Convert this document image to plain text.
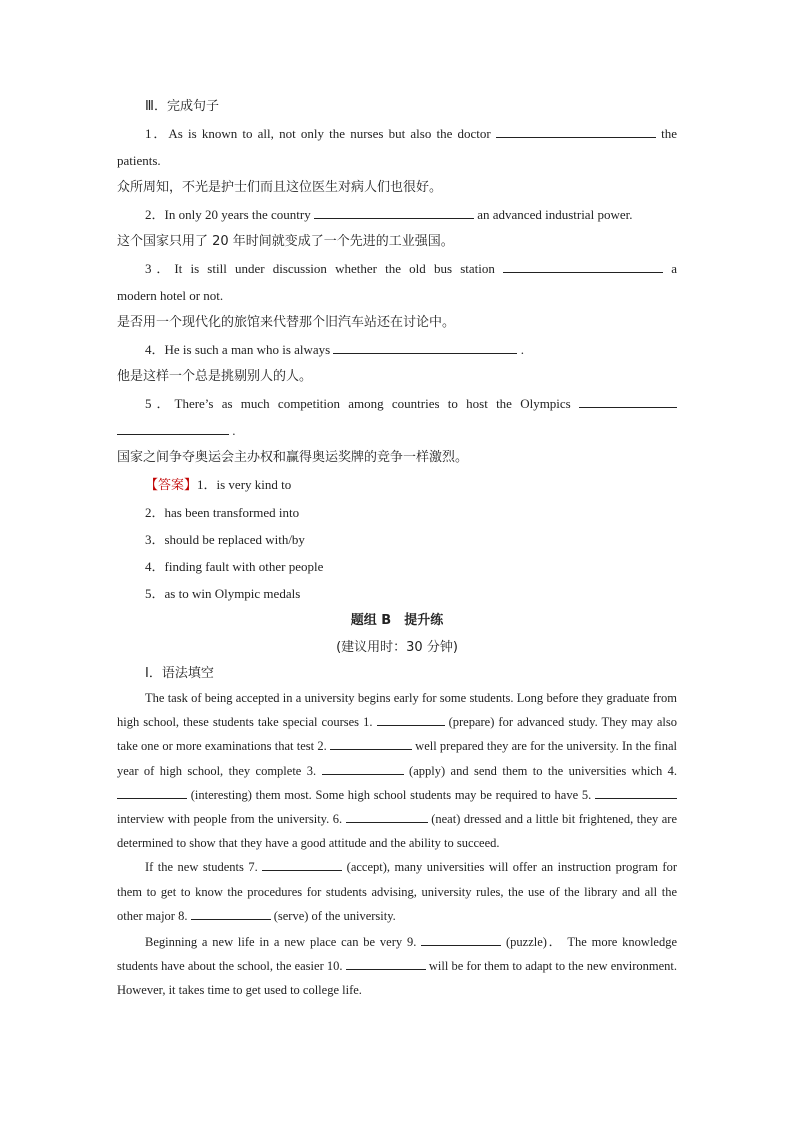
Ⅲ．完成句子
1．As is known to all, not only the nurses but also the doctor	the
patients.
众所周知，不光是护士们而且这位医生对病人们也很好。
2．In only 20 years the country	an advanced industrial power.
这个国家只用了 20 年时间就变成了一个先进的工业强国。
3．It is still under discussion whether the old bus station	a
modern hotel or not.
是否用一个现代化的旅馆来代替那个旧汽车站还在讨论中。
4．He is such a man who is always	.
他是这样一个总是挑剔别人的人。
5．There’s as much competition among countries to host the Olympics
.
国家之间争夺奥运会主办权和赢得奥运奖牌的竞争一样激烈。
【答案】1．is very kind to
2．has been transformed into
3．should be replaced with/by
4．finding fault with other people
5．as to win Olympic medals
题组 B　提升练
(建议用时：30 分钟)
Ⅰ．语法填空
The task of being accepted in a university begins early for some students. Long before they graduate from high school, these students take special courses 1.	(prepare) for advanced study. They may also take one or more examinations that test 2.	well prepared they are for the university. In the final year of high school, they complete 3.	(apply) and send them to the universities which 4.  (interesting) them most. Some high school students may be required to have 5.  interview with people from the university. 6.	(neat) dressed and a little bit frightened, they are determined to show that they have a good attitude and the ability to succeed.
If the new students 7.	(accept), many universities will offer an instruction program for them to get to know the procedures for students advising, university rules, the use of the library and all the other major 8.	(serve) of the university.
Beginning a new life in a new place can be very 9.	(puzzle)． The more knowledge students have about the school, the easier 10.	will be for them to adapt to the new environment. However, it takes time to get used to college life.
